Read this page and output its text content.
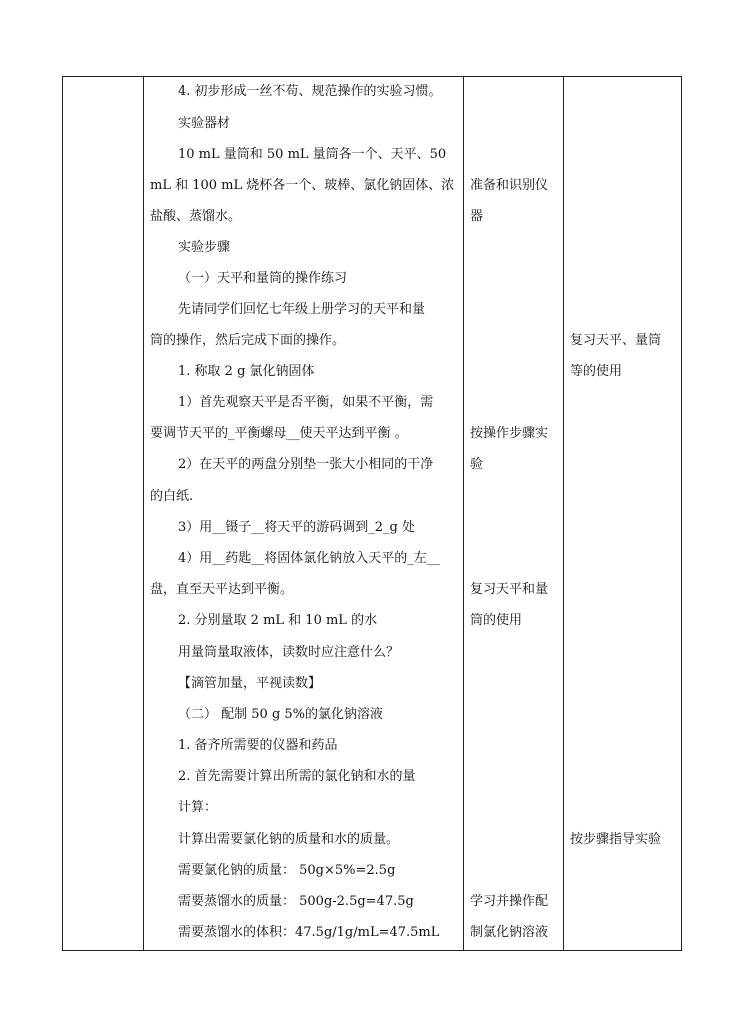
4. 初步形成一丝不苟、规范操作的实验习惯。
实验器材
10 mL 量筒和 50 mL 量筒各一个、天平、50
mL 和 100 mL 烧杯各一个、玻棒、氯化钠固体、浓
盐酸、蒸馏水。
实验步骤
（一）天平和量筒的操作练习
先请同学们回忆七年级上册学习的天平和量
筒的操作，然后完成下面的操作。
1. 称取 2 g 氯化钠固体
1）首先观察天平是否平衡，如果不平衡，需
要调节天平的_平衡螺母__使天平达到平衡 。
2）在天平的两盘分别垫一张大小相同的干净
的白纸.
3）用__镊子__将天平的游码调到_2_g 处
4）用__药匙__将固体氯化钠放入天平的_左__
盘，直至天平达到平衡。
2. 分别量取 2 mL 和 10 mL 的水
用量筒量取液体，读数时应注意什么？
【滴管加量，平视读数】
（二） 配制 50 g 5%的氯化钠溶液
1. 备齐所需要的仪器和药品
2. 首先需要计算出所需的氯化钠和水的量
计算：
计算出需要氯化钠的质量和水的质量。
需要氯化钠的质量： 50g×5%=2.5g
需要蒸馏水的质量： 500g-2.5g=47.5g
需要蒸馏水的体积：47.5g/1g/mL=47.5mL
准备和识别仪
器
按操作步骤实
验
复习天平和量
筒的使用
学习并操作配
制氯化钠溶液
复习天平、量筒
等的使用
按步骤指导实验
